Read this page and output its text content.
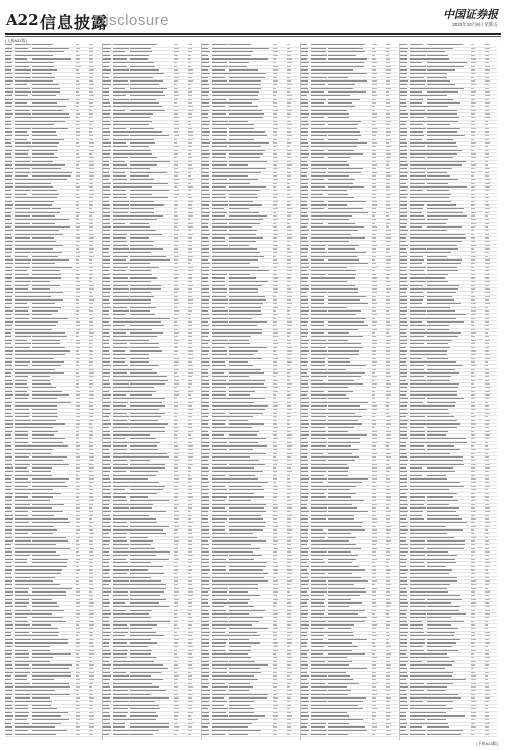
A22 信息披露
Disclosure	中国证券报
2020年10月8日 星期五
(上接A21版)
(下转A23版)
